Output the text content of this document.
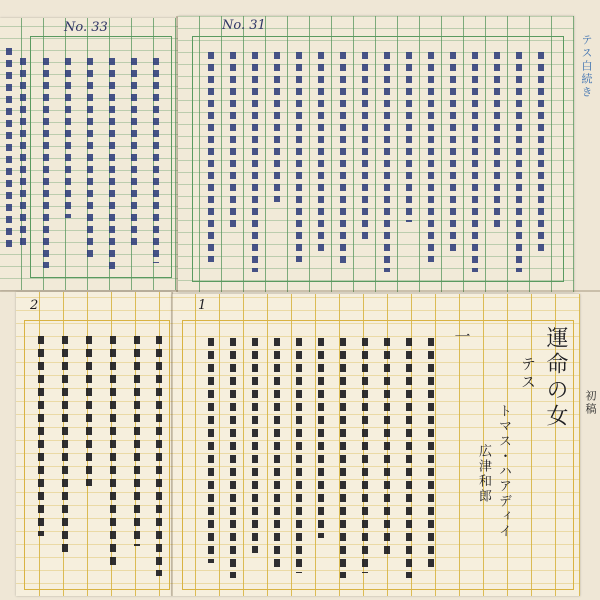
No. 33	No. 31
テス白続き
2	1
運命の女
テス
トマス・ハアディイ
広津和郎
一
初稿
